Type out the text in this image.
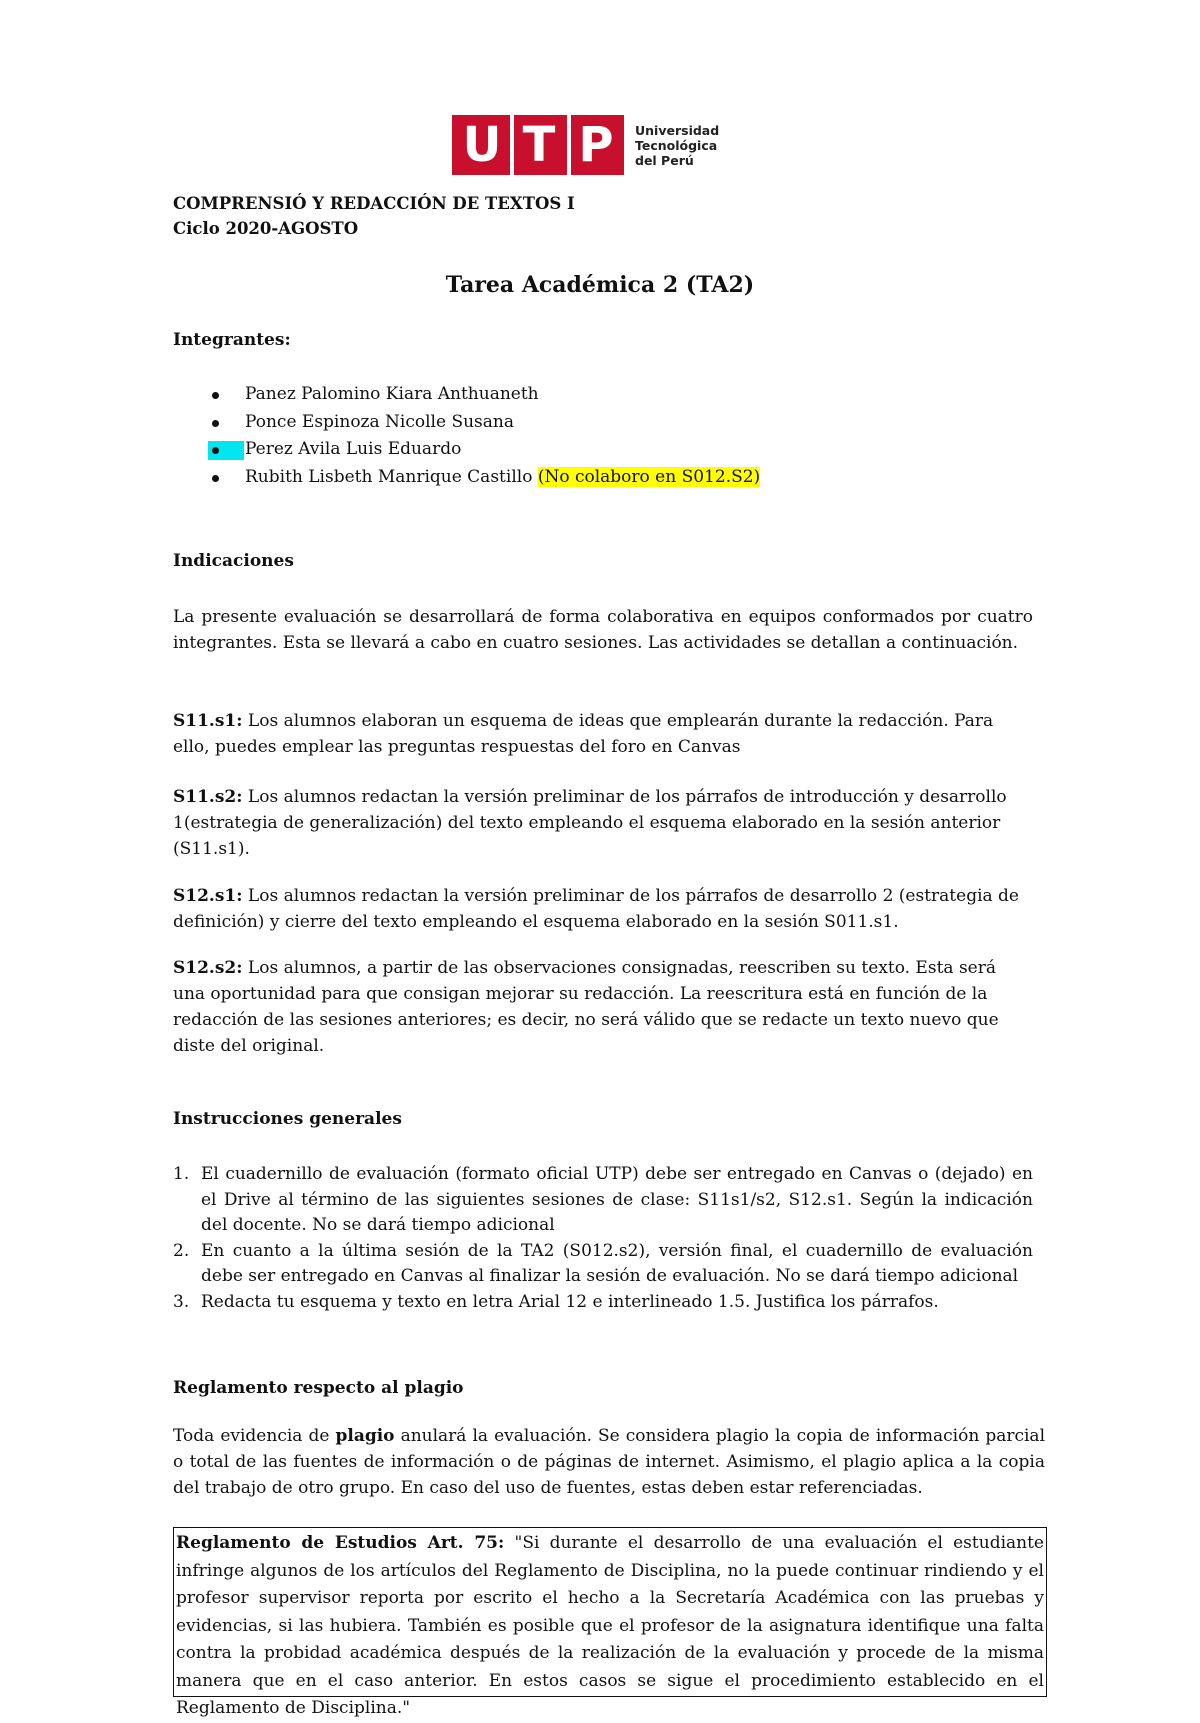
U T P	Universidad
Tecnológica
del Perú
COMPRENSIÓ Y REDACCIÓN DE TEXTOS I
Ciclo 2020-AGOSTO
Tarea Académica 2 (TA2)
Integrantes:
Panez Palomino Kiara Anthuaneth
Ponce Espinoza Nicolle Susana
Perez Avila Luis Eduardo
Rubith Lisbeth Manrique Castillo (No colaboro en S012.S2)
Indicaciones
La presente evaluación se desarrollará de forma colaborativa en equipos conformados por cuatro integrantes. Esta se llevará a cabo en cuatro sesiones. Las actividades se detallan a continuación.
S11.s1: Los alumnos elaboran un esquema de ideas que emplearán durante la redacción. Para ello, puedes emplear las preguntas respuestas del foro en Canvas
S11.s2: Los alumnos redactan la versión preliminar de los párrafos de introducción y desarrollo 1(estrategia de generalización) del texto empleando el esquema elaborado en la sesión anterior (S11.s1).
S12.s1: Los alumnos redactan la versión preliminar de los párrafos de desarrollo 2 (estrategia de definición) y cierre del texto empleando el esquema elaborado en la sesión S011.s1.
S12.s2: Los alumnos, a partir de las observaciones consignadas, reescriben su texto. Esta será una oportunidad para que consigan mejorar su redacción. La reescritura está en función de la redacción de las sesiones anteriores; es decir, no será válido que se redacte un texto nuevo que diste del original.
Instrucciones generales
1. El cuadernillo de evaluación (formato oficial UTP) debe ser entregado en Canvas o (dejado) en el Drive al término de las siguientes sesiones de clase: S11s1/s2, S12.s1. Según la indicación del docente. No se dará tiempo adicional
2. En cuanto a la última sesión de la TA2 (S012.s2), versión final, el cuadernillo de evaluación debe ser entregado en Canvas al finalizar la sesión de evaluación. No se dará tiempo adicional
3. Redacta tu esquema y texto en letra Arial 12 e interlineado 1.5. Justifica los párrafos.
Reglamento respecto al plagio
Toda evidencia de plagio anulará la evaluación. Se considera plagio la copia de información parcial o total de las fuentes de información o de páginas de internet. Asimismo, el plagio aplica a la copia del trabajo de otro grupo. En caso del uso de fuentes, estas deben estar referenciadas.
Reglamento de Estudios Art. 75: "Si durante el desarrollo de una evaluación el estudiante infringe algunos de los artículos del Reglamento de Disciplina, no la puede continuar rindiendo y el profesor supervisor reporta por escrito el hecho a la Secretaría Académica con las pruebas y evidencias, si las hubiera. También es posible que el profesor de la asignatura identifique una falta contra la probidad académica después de la realización de la evaluación y procede de la misma manera que en el caso anterior. En estos casos se sigue el procedimiento establecido en el Reglamento de Disciplina."
